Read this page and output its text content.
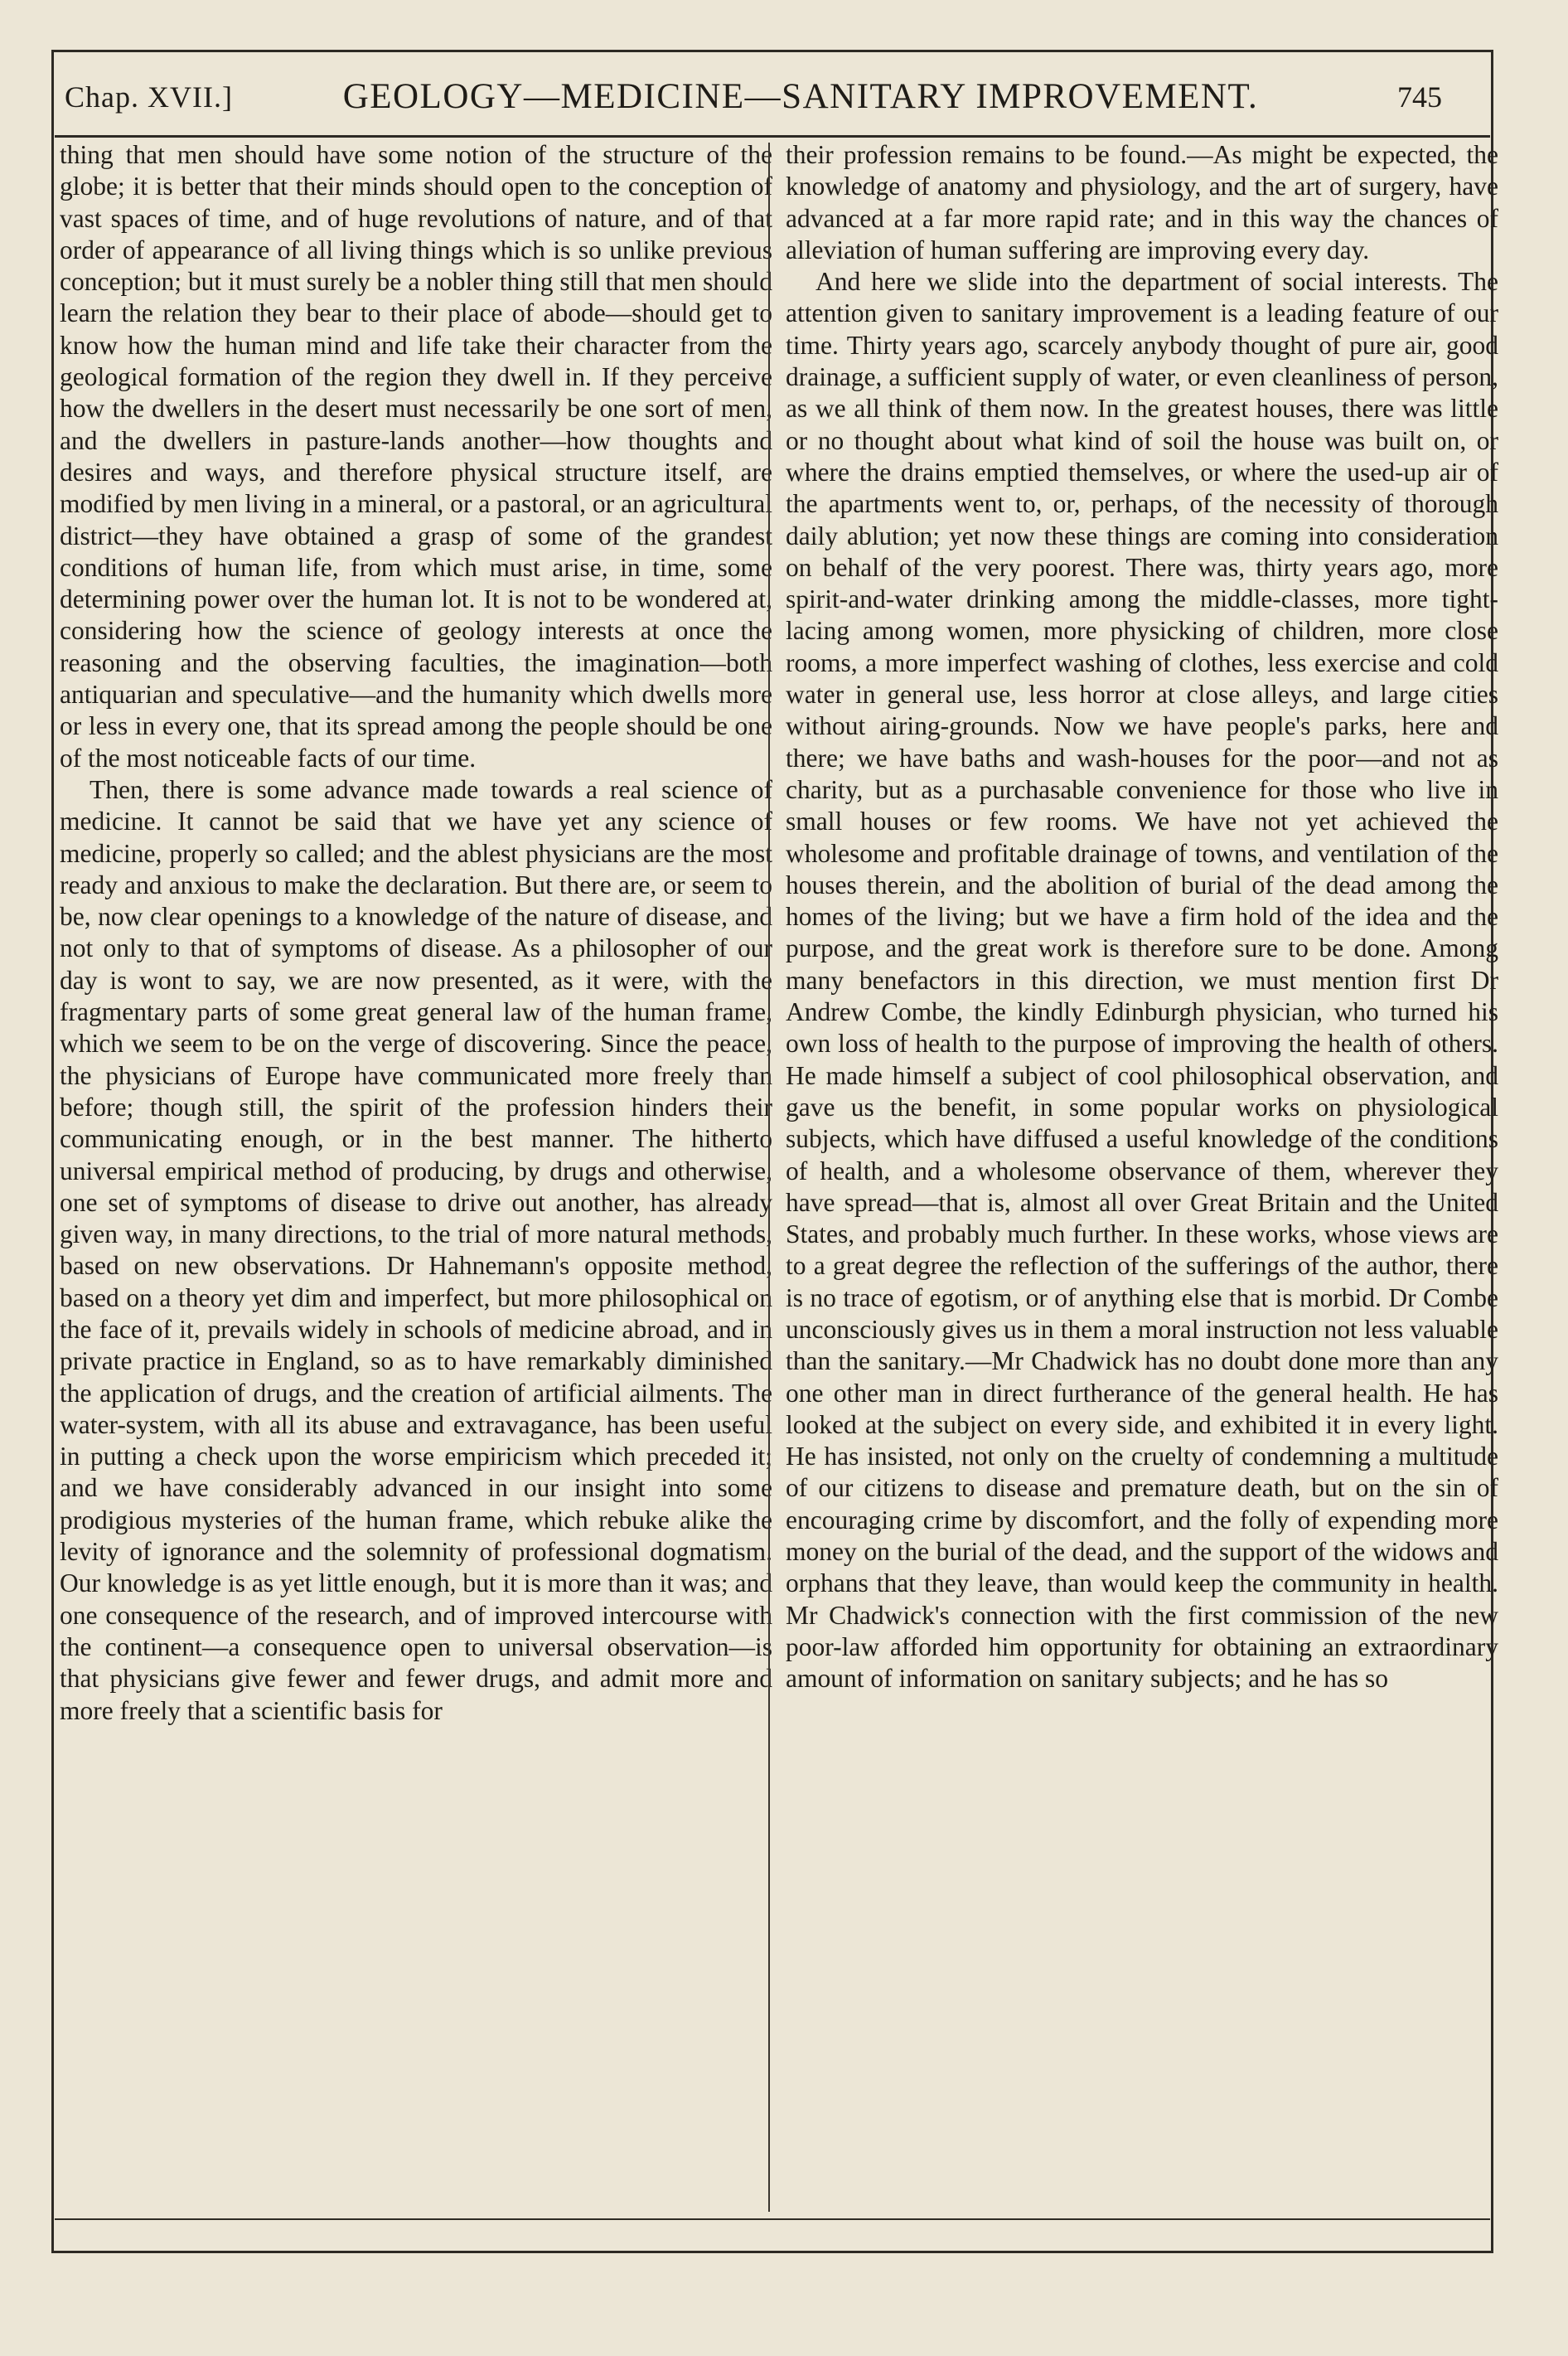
Chap. XVII.]	GEOLOGY—MEDICINE—SANITARY IMPROVEMENT.	745

thing that men should have some notion of the structure of the globe; it is better that their minds should open to the conception of vast spaces of time, and of huge revolutions of nature, and of that order of appearance of all living things which is so unlike previous conception; but it must surely be a nobler thing still that men should learn the relation they bear to their place of abode—should get to know how the human mind and life take their character from the geological formation of the region they dwell in. If they perceive how the dwellers in the desert must necessarily be one sort of men, and the dwellers in pasture-lands another—how thoughts and desires and ways, and therefore physical structure itself, are modified by men living in a mineral, or a pastoral, or an agricultural district—they have obtained a grasp of some of the grandest conditions of human life, from which must arise, in time, some determining power over the human lot. It is not to be wondered at, considering how the science of geology interests at once the reasoning and the observing faculties, the imagination—both antiquarian and speculative—and the humanity which dwells more or less in every one, that its spread among the people should be one of the most noticeable facts of our time.

Then, there is some advance made towards a real science of medicine. It cannot be said that we have yet any science of medicine, properly so called; and the ablest physicians are the most ready and anxious to make the declaration. But there are, or seem to be, now clear openings to a knowledge of the nature of disease, and not only to that of symptoms of disease. As a philosopher of our day is wont to say, we are now presented, as it were, with the fragmentary parts of some great general law of the human frame, which we seem to be on the verge of discovering. Since the peace, the physicians of Europe have communicated more freely than before; though still, the spirit of the profession hinders their communicating enough, or in the best manner. The hitherto universal empirical method of producing, by drugs and otherwise, one set of symptoms of disease to drive out another, has already given way, in many directions, to the trial of more natural methods, based on new observations. Dr Hahnemann's opposite method, based on a theory yet dim and imperfect, but more philosophical on the face of it, prevails widely in schools of medicine abroad, and in private practice in England, so as to have remarkably diminished the application of drugs, and the creation of artificial ailments. The water-system, with all its abuse and extravagance, has been useful in putting a check upon the worse empiricism which preceded it; and we have considerably advanced in our insight into some prodigious mysteries of the human frame, which rebuke alike the levity of ignorance and the solemnity of professional dogmatism. Our knowledge is as yet little enough, but it is more than it was; and one consequence of the research, and of improved intercourse with the continent—a consequence open to universal observation—is that physicians give fewer and fewer drugs, and admit more and more freely that a scientific basis for

their profession remains to be found.—As might be expected, the knowledge of anatomy and physiology, and the art of surgery, have advanced at a far more rapid rate; and in this way the chances of alleviation of human suffering are improving every day.

And here we slide into the department of social interests. The attention given to sanitary improvement is a leading feature of our time. Thirty years ago, scarcely anybody thought of pure air, good drainage, a sufficient supply of water, or even cleanliness of person, as we all think of them now. In the greatest houses, there was little or no thought about what kind of soil the house was built on, or where the drains emptied themselves, or where the used-up air of the apartments went to, or, perhaps, of the necessity of thorough daily ablution; yet now these things are coming into consideration on behalf of the very poorest. There was, thirty years ago, more spirit-and-water drinking among the middle-classes, more tight-lacing among women, more physicking of children, more close rooms, a more imperfect washing of clothes, less exercise and cold water in general use, less horror at close alleys, and large cities without airing-grounds. Now we have people's parks, here and there; we have baths and wash-houses for the poor—and not as charity, but as a purchasable convenience for those who live in small houses or few rooms. We have not yet achieved the wholesome and profitable drainage of towns, and ventilation of the houses therein, and the abolition of burial of the dead among the homes of the living; but we have a firm hold of the idea and the purpose, and the great work is therefore sure to be done. Among many benefactors in this direction, we must mention first Dr Andrew Combe, the kindly Edinburgh physician, who turned his own loss of health to the purpose of improving the health of others. He made himself a subject of cool philosophical observation, and gave us the benefit, in some popular works on physiological subjects, which have diffused a useful knowledge of the conditions of health, and a wholesome observance of them, wherever they have spread—that is, almost all over Great Britain and the United States, and probably much further. In these works, whose views are to a great degree the reflection of the sufferings of the author, there is no trace of egotism, or of anything else that is morbid. Dr Combe unconsciously gives us in them a moral instruction not less valuable than the sanitary.—Mr Chadwick has no doubt done more than any one other man in direct furtherance of the general health. He has looked at the subject on every side, and exhibited it in every light. He has insisted, not only on the cruelty of condemning a multitude of our citizens to disease and premature death, but on the sin of encouraging crime by discomfort, and the folly of expending more money on the burial of the dead, and the support of the widows and orphans that they leave, than would keep the community in health. Mr Chadwick's connection with the first commission of the new poor-law afforded him opportunity for obtaining an extraordinary amount of information on sanitary subjects; and he has so
